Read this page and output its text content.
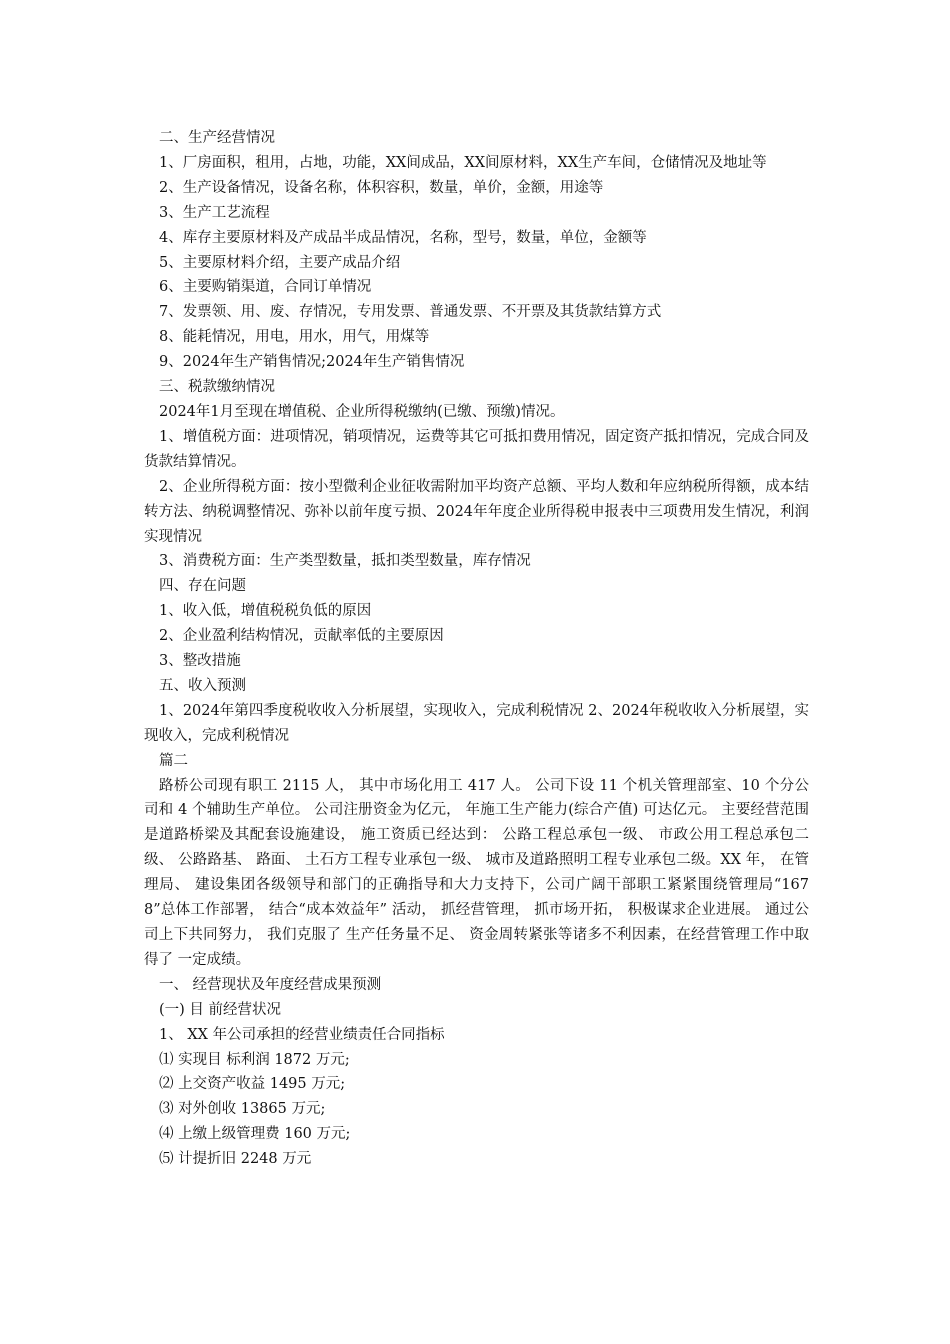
二、生产经营情况

1、厂房面积，租用，占地，功能，XX间成品，XX间原材料，XX生产车间，仓储情况及地址等

2、生产设备情况，设备名称，体积容积，数量，单价，金额，用途等

3、生产工艺流程

4、库存主要原材料及产成品半成品情况，名称，型号，数量，单位，金额等

5、主要原材料介绍，主要产成品介绍

6、主要购销渠道，合同订单情况

7、发票领、用、废、存情况，专用发票、普通发票、不开票及其货款结算方式

8、能耗情况，用电，用水，用气，用煤等

9、2024年生产销售情况;2024年生产销售情况

三、税款缴纳情况

2024年1月至现在增值税、企业所得税缴纳(已缴、预缴)情况。

1、增值税方面：进项情况，销项情况，运费等其它可抵扣费用情况，固定资产抵扣情况，完成合同及货款结算情况。

2、企业所得税方面：按小型微利企业征收需附加平均资产总额、平均人数和年应纳税所得额，成本结转方法、纳税调整情况、弥补以前年度亏损、2024年年度企业所得税申报表中三项费用发生情况，利润实现情况

3、消费税方面：生产类型数量，抵扣类型数量，库存情况

四、存在问题

1、收入低，增值税税负低的原因

2、企业盈利结构情况，贡献率低的主要原因

3、整改措施

五、收入预测

1、2024年第四季度税收收入分析展望，实现收入，完成利税情况 2、2024年税收收入分析展望，实现收入，完成利税情况

篇二

路桥公司现有职工 2115 人， 其中市场化用工 417 人。 公司下设 11 个机关管理部室、10 个分公司和 4 个辅助生产单位。 公司注册资金为亿元， 年施工生产能力(综合产值) 可达亿元。 主要经营范围是道路桥梁及其配套设施建设， 施工资质已经达到： 公路工程总承包一级、 市政公用工程总承包二级、 公路路基、 路面、 土石方工程专业承包一级、 城市及道路照明工程专业承包二级。XX 年， 在管理局、 建设集团各级领导和部门的正确指导和大力支持下，公司广阔干部职工紧紧围绕管理局“1678”总体工作部署， 结合“成本效益年” 活动， 抓经营管理， 抓市场开拓， 积极谋求企业进展。 通过公司上下共同努力， 我们克服了 生产任务量不足、 资金周转紧张等诸多不利因素，在经营管理工作中取得了 一定成绩。

一、 经营现状及年度经营成果预测

(一) 目 前经营状况

1、 XX 年公司承担的经营业绩责任合同指标

⑴ 实现目 标利润 1872 万元;

⑵ 上交资产收益 1495 万元;

⑶ 对外创收 13865 万元;

⑷ 上缴上级管理费 160 万元;

⑸ 计提折旧 2248 万元
